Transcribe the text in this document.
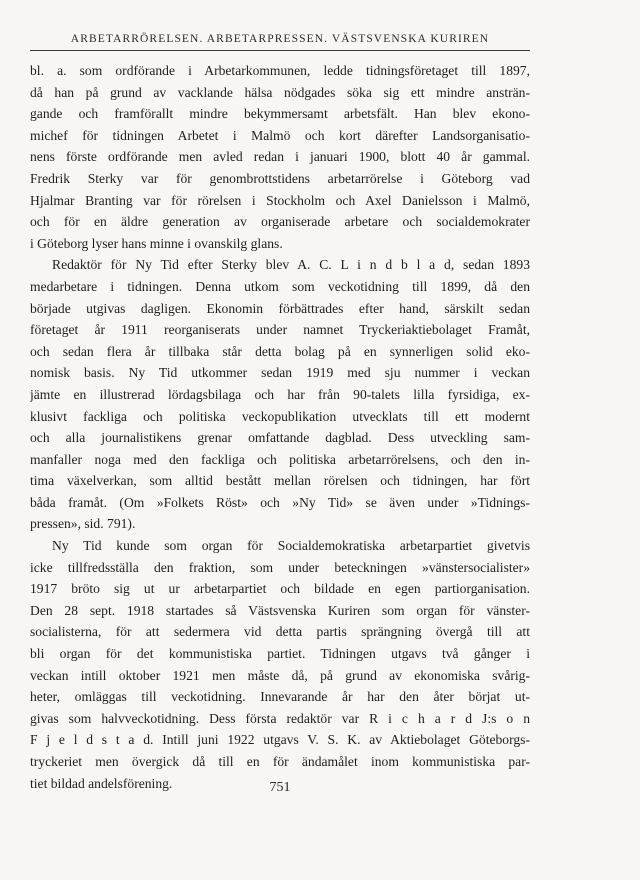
ARBETARRÖRELSEN. ARBETARPRESSEN. VÄSTSVENSKA KURIREN
bl. a. som ordförande i Arbetarkommunen, ledde tidningsföretaget till 1897,
då han på grund av vacklande hälsa nödgades söka sig ett mindre ansträn-
gande och framförallt mindre bekymmersamt arbetsfält. Han blev ekono-
michef för tidningen Arbetet i Malmö och kort därefter Landsorganisatio-
nens förste ordförande men avled redan i januari 1900, blott 40 år gammal.
Fredrik Sterky var för genombrottstidens arbetarrörelse i Göteborg vad
Hjalmar Branting var för rörelsen i Stockholm och Axel Danielsson i Malmö,
och för en äldre generation av organiserade arbetare och socialdemokrater
i Göteborg lyser hans minne i ovanskilg glans.
Redaktör för Ny Tid efter Sterky blev A. C. L i n d b l a d, sedan 1893
medarbetare i tidningen. Denna utkom som veckotidning till 1899, då den
började utgivas dagligen. Ekonomin förbättrades efter hand, särskilt sedan
företaget år 1911 reorganiserats under namnet Tryckeriaktiebolaget Framåt,
och sedan flera år tillbaka står detta bolag på en synnerligen solid eko-
nomisk basis. Ny Tid utkommer sedan 1919 med sju nummer i veckan
jämte en illustrerad lördagsbilaga och har från 90-talets lilla fyrsidiga, ex-
klusivt fackliga och politiska veckopublikation utvecklats till ett modernt
och alla journalistikens grenar omfattande dagblad. Dess utveckling sam-
manfaller noga med den fackliga och politiska arbetarrörelsens, och den in-
tima växelverkan, som alltid bestått mellan rörelsen och tidningen, har fört
båda framåt. (Om »Folkets Röst» och »Ny Tid» se även under »Tidnings-
pressen», sid. 791).
Ny Tid kunde som organ för Socialdemokratiska arbetarpartiet givetvis
icke tillfredsställa den fraktion, som under beteckningen »vänstersocialister»
1917 bröto sig ut ur arbetarpartiet och bildade en egen partiorganisation.
Den 28 sept. 1918 startades så Västsvenska Kuriren som organ för vänster-
socialisterna, för att sedermera vid detta partis sprängning övergå till att
bli organ för det kommunistiska partiet. Tidningen utgavs två gånger i
veckan intill oktober 1921 men måste då, på grund av ekonomiska svårig-
heter, omläggas till veckotidning. Innevarande år har den åter börjat ut-
givas som halvveckotidning. Dess första redaktör var R i c h a r d J:s o n
F j e l d s t a d. Intill juni 1922 utgavs V. S. K. av Aktiebolaget Göteborgs-
tryckeriet men övergick då till en för ändamålet inom kommunistiska par-
tiet bildad andelsförening.	751
